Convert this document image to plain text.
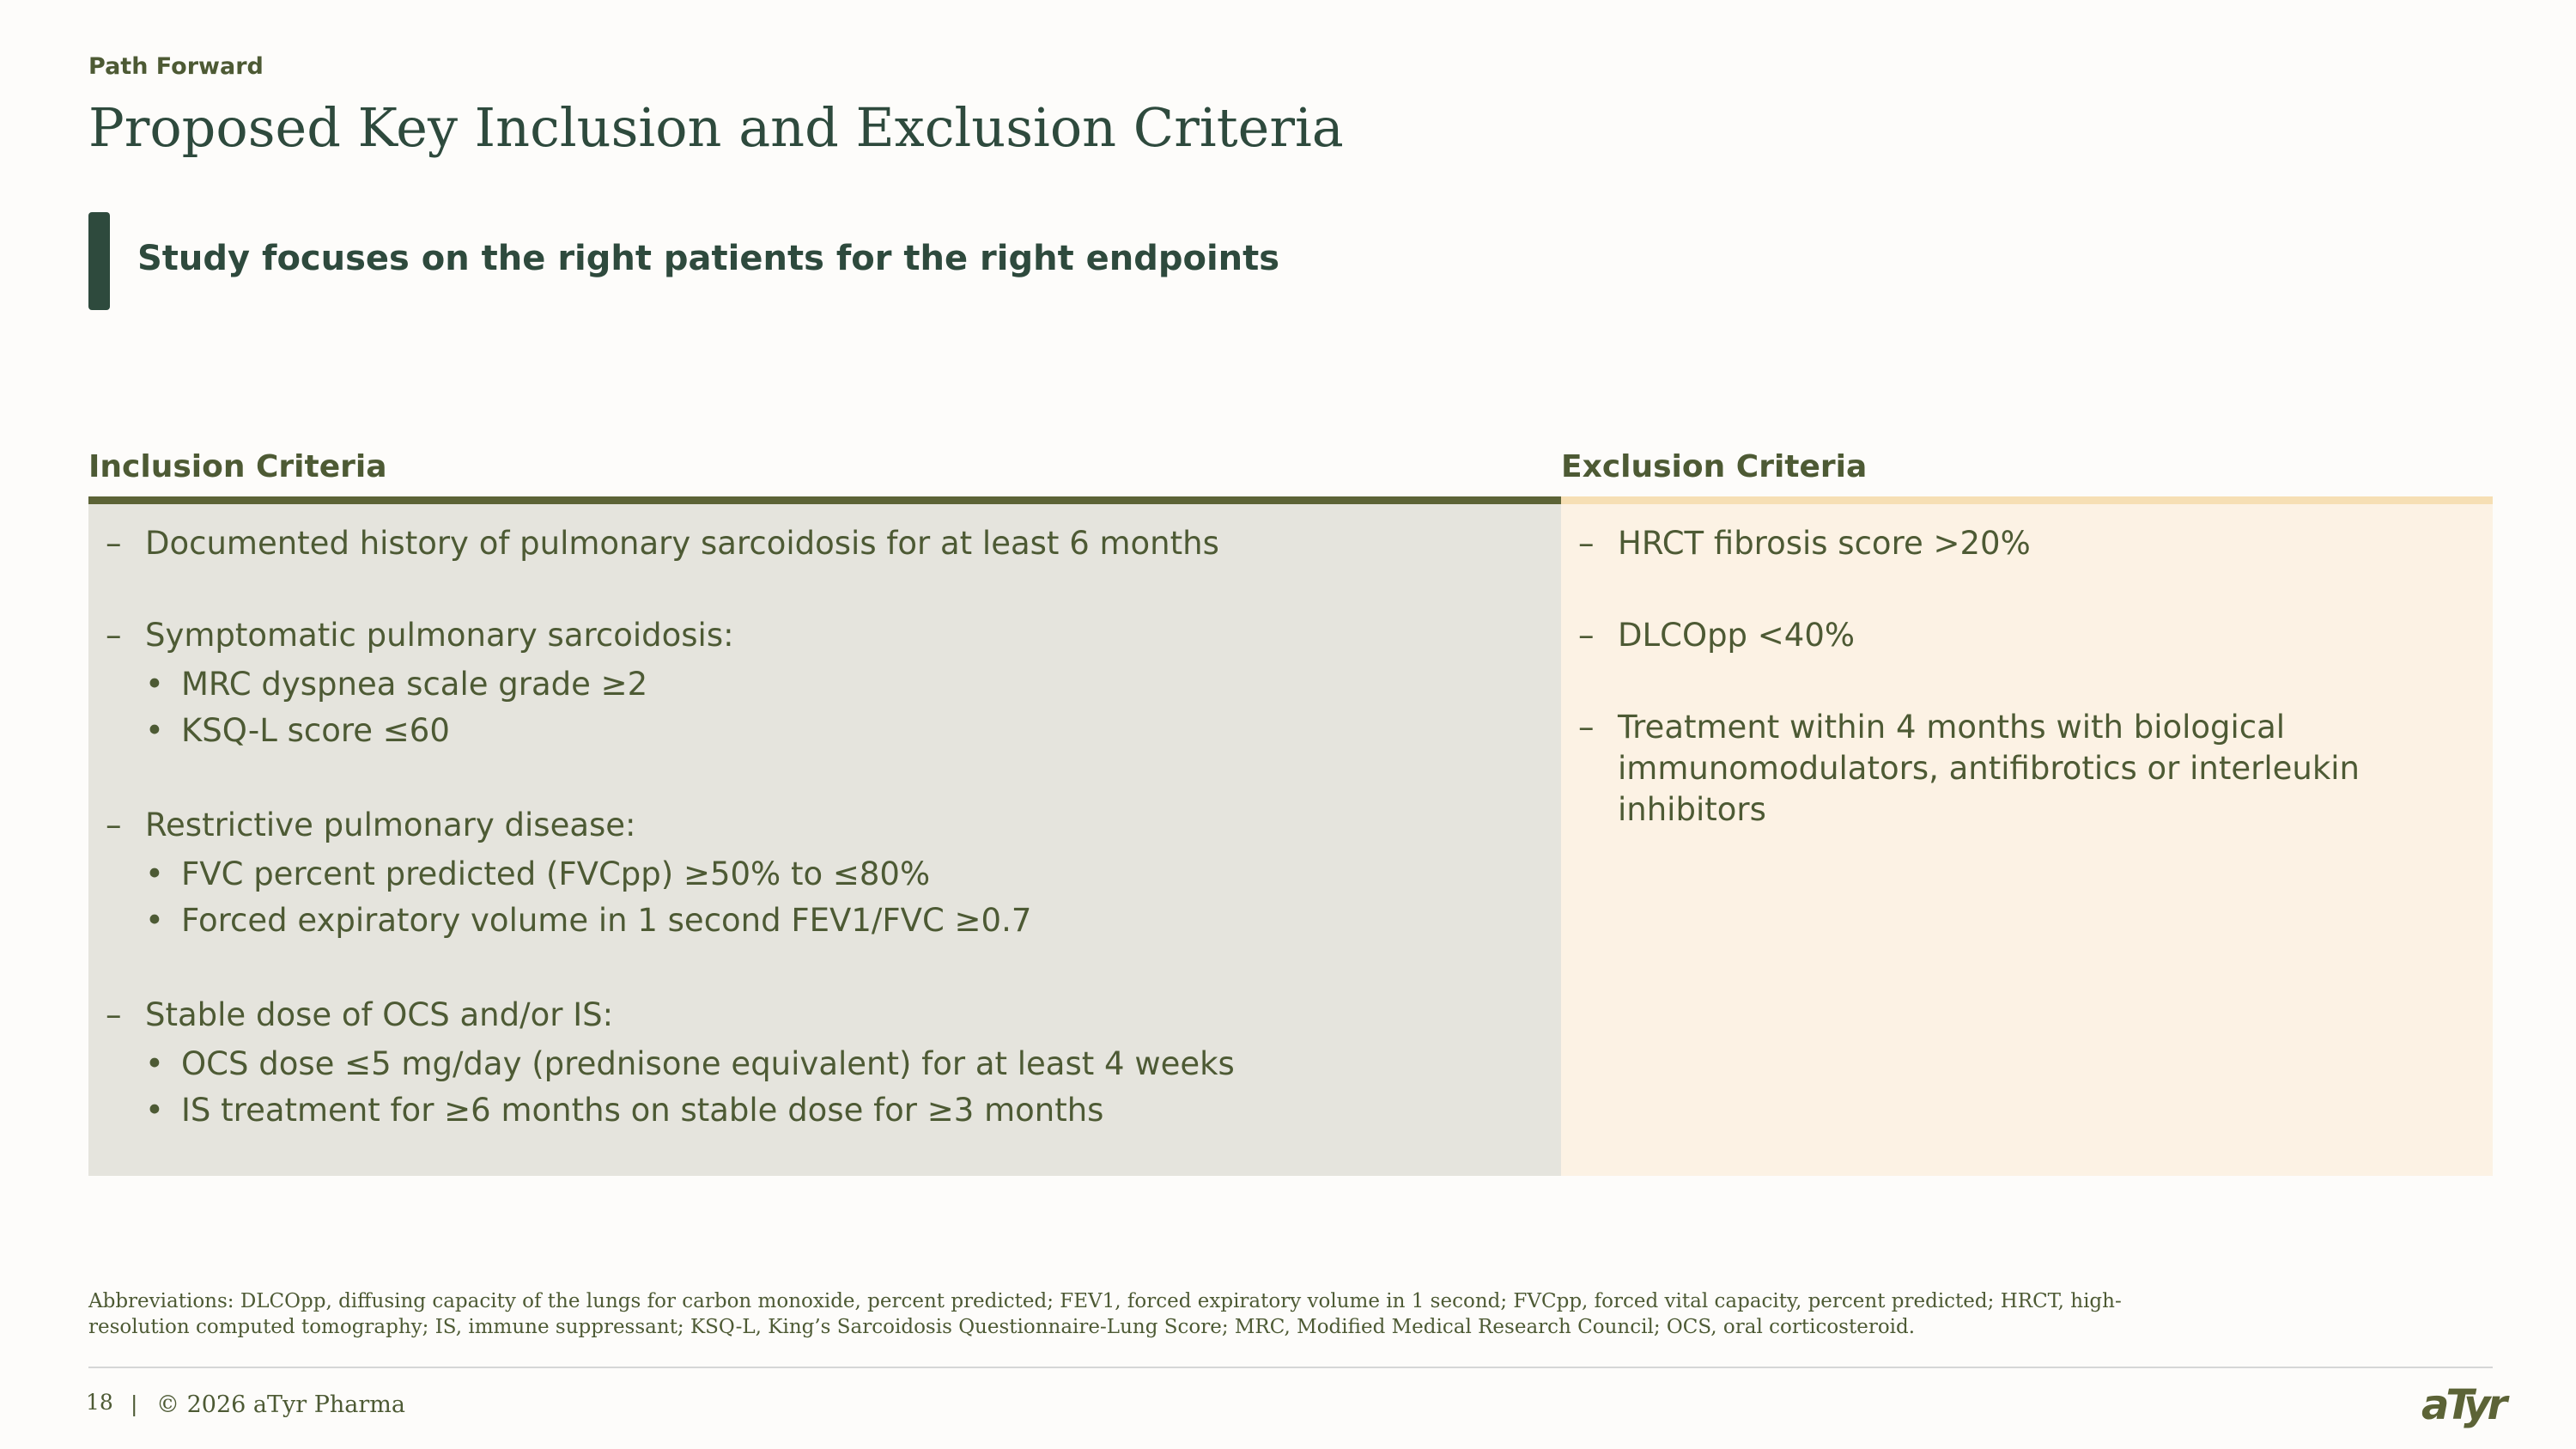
Path Forward
Proposed Key Inclusion and Exclusion Criteria
Study focuses on the right patients for the right endpoints
Inclusion Criteria	Exclusion Criteria
– Documented history of pulmonary sarcoidosis for at least 6 months
– Symptomatic pulmonary sarcoidosis:
• MRC dyspnea scale grade ≥2
• KSQ-L score ≤60
– Restrictive pulmonary disease:
• FVC percent predicted (FVCpp) ≥50% to ≤80%
• Forced expiratory volume in 1 second FEV1/FVC ≥0.7
– Stable dose of OCS and/or IS:
• OCS dose ≤5 mg/day (prednisone equivalent) for at least 4 weeks
• IS treatment for ≥6 months on stable dose for ≥3 months
– HRCT fibrosis score >20%
– DLCOpp <40%
– Treatment within 4 months with biological immunomodulators, antifibrotics or interleukin inhibitors
Abbreviations: DLCOpp, diffusing capacity of the lungs for carbon monoxide, percent predicted; FEV1, forced expiratory volume in 1 second; FVCpp, forced vital capacity, percent predicted; HRCT, high-resolution computed tomography; IS, immune suppressant; KSQ-L, King’s Sarcoidosis Questionnaire-Lung Score; MRC, Modified Medical Research Council; OCS, oral corticosteroid.
18 | © 2026 aTyr Pharma	aTyr
